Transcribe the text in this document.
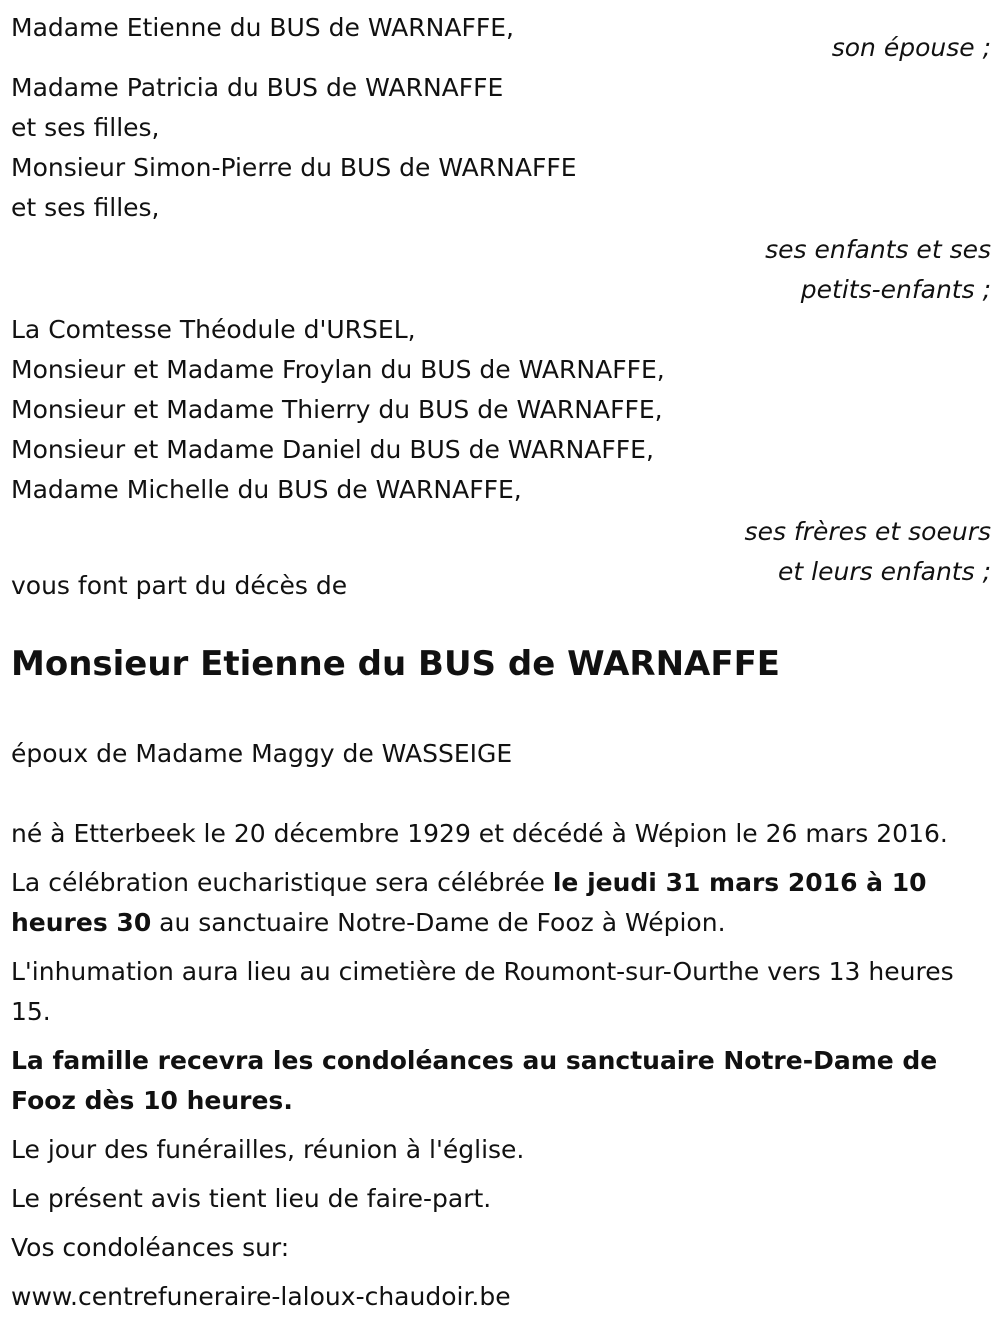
Madame Etienne du BUS de WARNAFFE,
son épouse ;
Madame Patricia du BUS de WARNAFFE
et ses filles,
Monsieur Simon-Pierre du BUS de WARNAFFE
et ses filles,
ses enfants et ses
petits-enfants ;
La Comtesse Théodule d'URSEL,
Monsieur et Madame Froylan du BUS de WARNAFFE,
Monsieur et Madame Thierry du BUS de WARNAFFE,
Monsieur et Madame Daniel du BUS de WARNAFFE,
Madame Michelle du BUS de WARNAFFE,
ses frères et soeurs
et leurs enfants ;
vous font part du décès de
Monsieur Etienne du BUS de WARNAFFE
époux de Madame Maggy de WASSEIGE

né à Etterbeek le 20 décembre 1929 et décédé à Wépion le 26 mars 2016.

La célébration eucharistique sera célébrée le jeudi 31 mars 2016 à 10 heures 30 au sanctuaire Notre-Dame de Fooz à Wépion.

L'inhumation aura lieu au cimetière de Roumont-sur-Ourthe vers 13 heures 15.

La famille recevra les condoléances au sanctuaire Notre-Dame de Fooz dès 10 heures.

Le jour des funérailles, réunion à l'église.

Le présent avis tient lieu de faire-part.

Vos condoléances sur:

www.centrefuneraire-laloux-chaudoir.be
